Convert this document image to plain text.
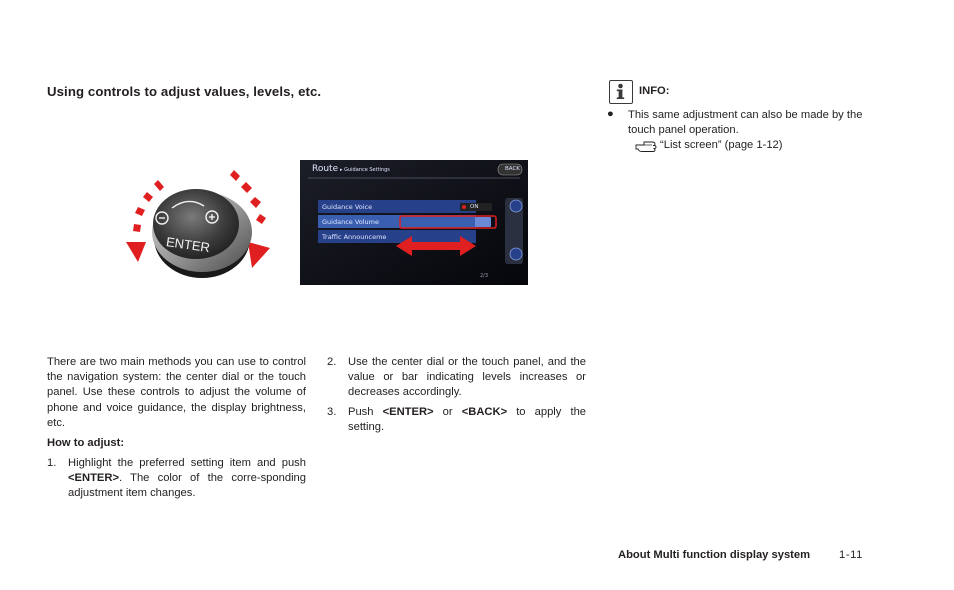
Using controls to adjust values, levels, etc.
ENTER
Route ▸ Guidance Settings	BACK
Guidance Voice	ON
Guidance Volume
Traffic Announceme
2/3
There are two main methods you can use to control the navigation system: the center dial or the touch panel. Use these controls to adjust the volume of phone and voice guidance, the display brightness, etc.
How to adjust:
1. Highlight the preferred setting item and push <ENTER>. The color of the corre-sponding adjustment item changes.
2. Use the center dial or the touch panel, and the value or bar indicating levels increases or decreases accordingly.
3. Push <ENTER> or <BACK> to apply the setting.
INFO:
● This same adjustment can also be made by the touch panel operation.
“List screen” (page 1-12)
About Multi function display system	1-11
